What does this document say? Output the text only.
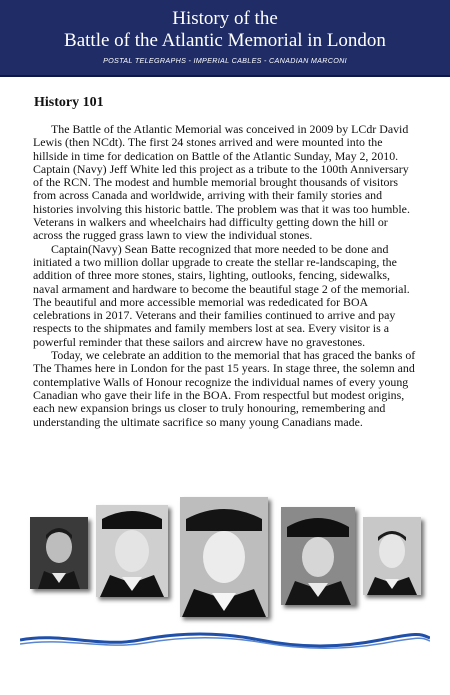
History of the
Battle of the Atlantic Memorial in London
POSTAL TELEGRAPHS - IMPERIAL CABLES - CANADIAN MARCONI
History 101

The Battle of the Atlantic Memorial was conceived in 2009 by LCdr David Lewis (then NCdt). The first 24 stones arrived and were mounted into the hillside in time for dedication on Battle of the Atlantic Sunday, May 2, 2010. Captain (Navy) Jeff White led this project as a tribute to the 100th Anniversary of the RCN. The modest and humble memorial brought thousands of visitors from across Canada and worldwide, arriving with their family stories and histories involving this historic battle. The problem was that it was too humble. Veterans in walkers and wheelchairs had difficulty getting down the hill or across the rugged grass lawn to view the individual stones.

Captain(Navy) Sean Batte recognized that more needed to be done and initiated a two million dollar upgrade to create the stellar re-landscaping, the addition of three more stones, stairs, lighting, outlooks, fencing, sidewalks, naval armament and hardware to become the beautiful stage 2 of the memorial. The beautiful and more accessible memorial was rededicated for BOA celebrations in 2017. Veterans and their families continued to arrive and pay respects to the shipmates and family members lost at sea. Every visitor is a powerful reminder that these sailors and aircrew have no gravestones.

Today, we celebrate an addition to the memorial that has graced the banks of The Thames here in London for the past 15 years. In stage three, the solemn and contemplative Walls of Honour recognize the individual names of every young Canadian who gave their life in the BOA. From respectful but modest origins, each new expansion brings us closer to truly honouring, remembering and understanding the ultimate sacrifice so many young Canadians made.
